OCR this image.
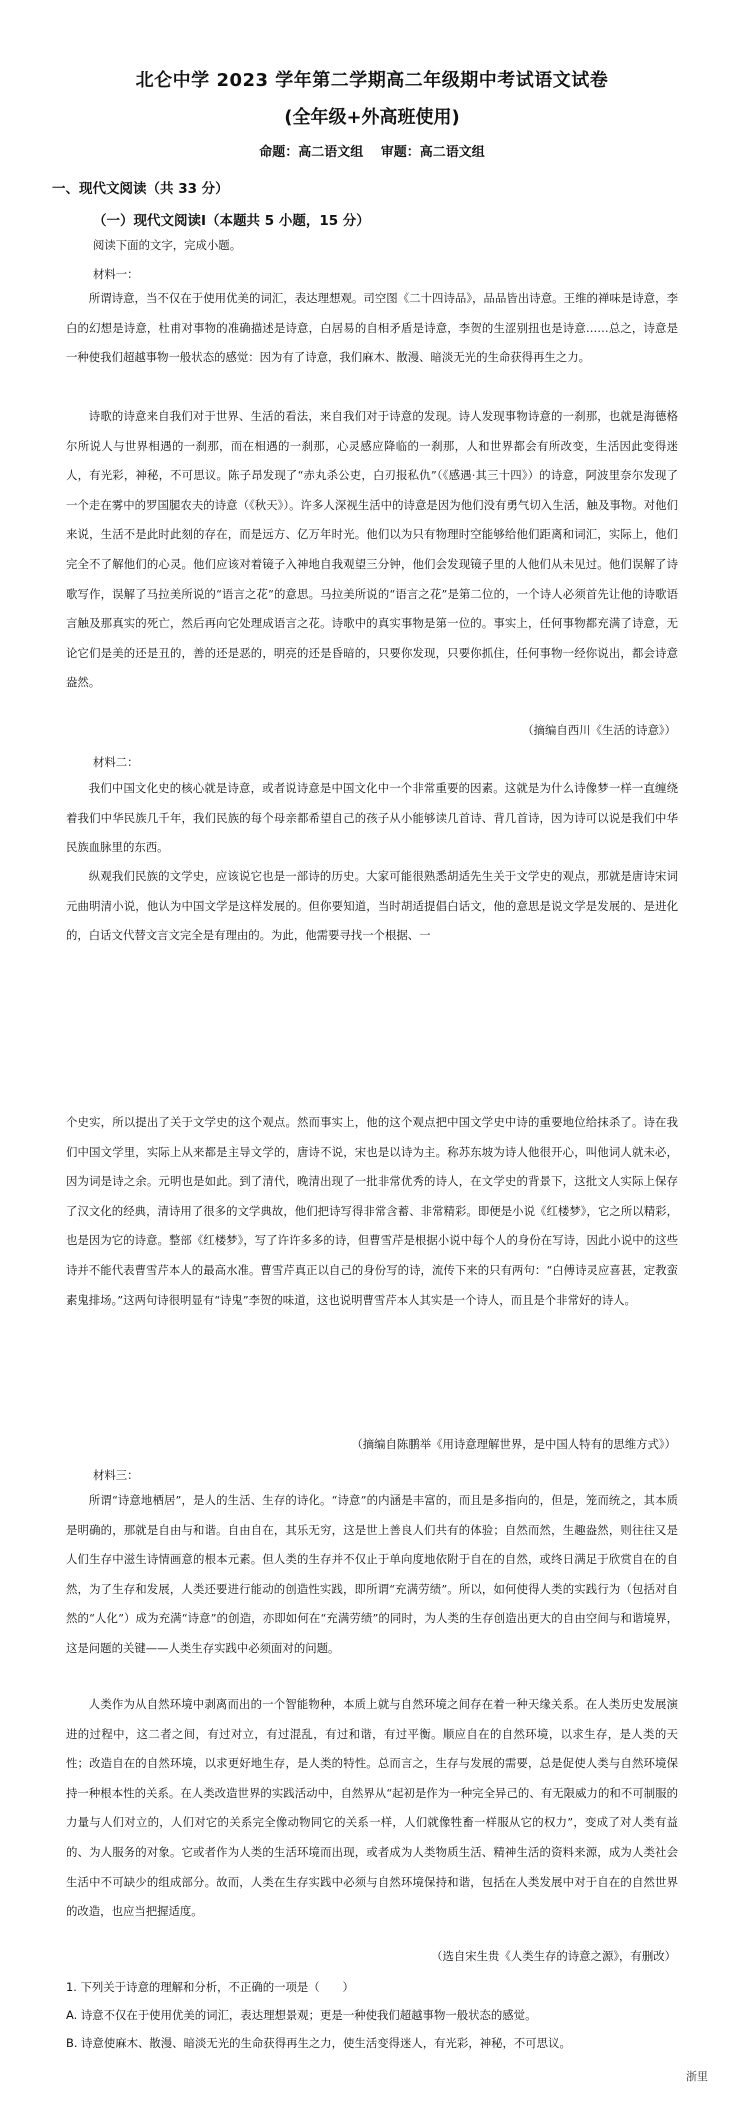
北仑中学 2023 学年第二学期高二年级期中考试语文试卷
(全年级+外高班使用)
命题：高二语文组　 审题：高二语文组
一、现代文阅读（共 33 分）
（一）现代文阅读Ⅰ（本题共 5 小题，15 分）
阅读下面的文字，完成小题。
材料一：

所谓诗意，当不仅在于使用优美的词汇，表达理想观。司空图《二十四诗品》，品品皆出诗意。王维的禅味是诗意，李白的幻想是诗意，杜甫对事物的准确描述是诗意，白居易的自相矛盾是诗意，李贺的生涩别扭也是诗意……总之，诗意是一种使我们超越事物一般状态的感觉：因为有了诗意，我们麻木、散漫、暗淡无光的生命获得再生之力。

诗歌的诗意来自我们对于世界、生活的看法，来自我们对于诗意的发现。诗人发现事物诗意的一刹那，也就是海德格尔所说人与世界相遇的一刹那，而在相遇的一刹那，心灵感应降临的一刹那，人和世界都会有所改变，生活因此变得迷人，有光彩，神秘，不可思议。陈子昂发现了“赤丸杀公吏，白刃报私仇”（《感遇·其三十四》）的诗意，阿波里奈尔发现了一个走在雾中的罗国腿农夫的诗意（《秋天》）。许多人深视生活中的诗意是因为他们没有勇气切入生活，触及事物。对他们来说，生活不是此时此刻的存在，而是远方、亿万年时光。他们以为只有物理时空能够给他们距离和词汇，实际上，他们完全不了解他们的心灵。他们应该对着镜子入神地自我观望三分钟，他们会发现镜子里的人他们从未见过。他们误解了诗歌写作，误解了马拉美所说的“语言之花”的意思。马拉美所说的“语言之花”是第二位的，一个诗人必须首先让他的诗歌语言触及那真实的死亡，然后再向它处理成语言之花。诗歌中的真实事物是第一位的。事实上，任何事物都充满了诗意，无论它们是美的还是丑的，善的还是恶的，明亮的还是昏暗的，只要你发现，只要你抓住，任何事物一经你说出，都会诗意盎然。

（摘编自西川《生活的诗意》）
材料二：

我们中国文化史的核心就是诗意，或者说诗意是中国文化中一个非常重要的因素。这就是为什么诗像梦一样一直缠绕着我们中华民族几千年，我们民族的每个母亲都希望自己的孩子从小能够读几首诗、背几首诗，因为诗可以说是我们中华民族血脉里的东西。

纵观我们民族的文学史，应该说它也是一部诗的历史。大家可能很熟悉胡适先生关于文学史的观点，那就是唐诗宋词元曲明清小说，他认为中国文学是这样发展的。但你要知道，当时胡适提倡白话文，他的意思是说文学是发展的、是进化的，白话文代替文言文完全是有理由的。为此，他需要寻找一个根据、一

个史实，所以提出了关于文学史的这个观点。然而事实上，他的这个观点把中国文学史中诗的重要地位给抹杀了。诗在我们中国文学里，实际上从来都是主导文学的，唐诗不说，宋也是以诗为主。称苏东坡为诗人他很开心，叫他词人就未必，因为词是诗之余。元明也是如此。到了清代，晚清出现了一批非常优秀的诗人，在文学史的背景下，这批文人实际上保存了汉文化的经典，清诗用了很多的文学典故，他们把诗写得非常含蓄、非常精彩。即便是小说《红楼梦》，它之所以精彩，也是因为它的诗意。整部《红楼梦》，写了许许多多的诗，但曹雪芹是根据小说中每个人的身份在写诗，因此小说中的这些诗并不能代表曹雪芹本人的最高水准。曹雪芹真正以自己的身份写的诗，流传下来的只有两句：“白傅诗灵应喜甚，定教蛮素鬼排场。”这两句诗很明显有“诗鬼”李贺的味道，这也说明曹雪芹本人其实是一个诗人，而且是个非常好的诗人。

（摘编自陈鹏举《用诗意理解世界，是中国人特有的思维方式》）
材料三：

所谓“诗意地栖居”，是人的生活、生存的诗化。“诗意”的内涵是丰富的，而且是多指向的，但是，笼而统之，其本质是明确的，那就是自由与和谐。自由自在，其乐无穷，这是世上善良人们共有的体验；自然而然，生趣盎然，则往往又是人们生存中滋生诗情画意的根本元素。但人类的生存并不仅止于单向度地依附于自在的自然，或终日满足于欣赏自在的自然，为了生存和发展，人类还要进行能动的创造性实践，即所谓“充满劳绩”。所以，如何使得人类的实践行为（包括对自然的“人化”）成为充满“诗意”的创造，亦即如何在“充满劳绩”的同时，为人类的生存创造出更大的自由空间与和谐境界，这是问题的关键——人类生存实践中必须面对的问题。

人类作为从自然环境中剥离而出的一个智能物种，本质上就与自然环境之间存在着一种天缘关系。在人类历史发展演进的过程中，这二者之间，有过对立，有过混乱，有过和谐，有过平衡。顺应自在的自然环境，以求生存，是人类的天性；改造自在的自然环境，以求更好地生存，是人类的特性。总而言之，生存与发展的需要，总是促使人类与自然环境保持一种根本性的关系。在人类改造世界的实践活动中，自然界从“起初是作为一种完全异己的、有无限威力的和不可制服的力量与人们对立的，人们对它的关系完全像动物同它的关系一样，人们就像牲畜一样服从它的权力”，变成了对人类有益的、为人服务的对象。它或者作为人类的生活环境而出现，或者成为人类物质生活、精神生活的资料来源，成为人类社会生活中不可缺少的组成部分。故而，人类在生存实践中必须与自然环境保持和谐，包括在人类发展中对于自在的自然世界的改造，也应当把握适度。

（选自宋生贵《人类生存的诗意之源》，有删改）
1. 下列关于诗意的理解和分析，不正确的一项是（　　）
A. 诗意不仅在于使用优美的词汇，表达理想景观；更是一种使我们超越事物一般状态的感觉。
B. 诗意使麻木、散漫、暗淡无光的生命获得再生之力，使生活变得迷人，有光彩，神秘，不可思议。
浙里
